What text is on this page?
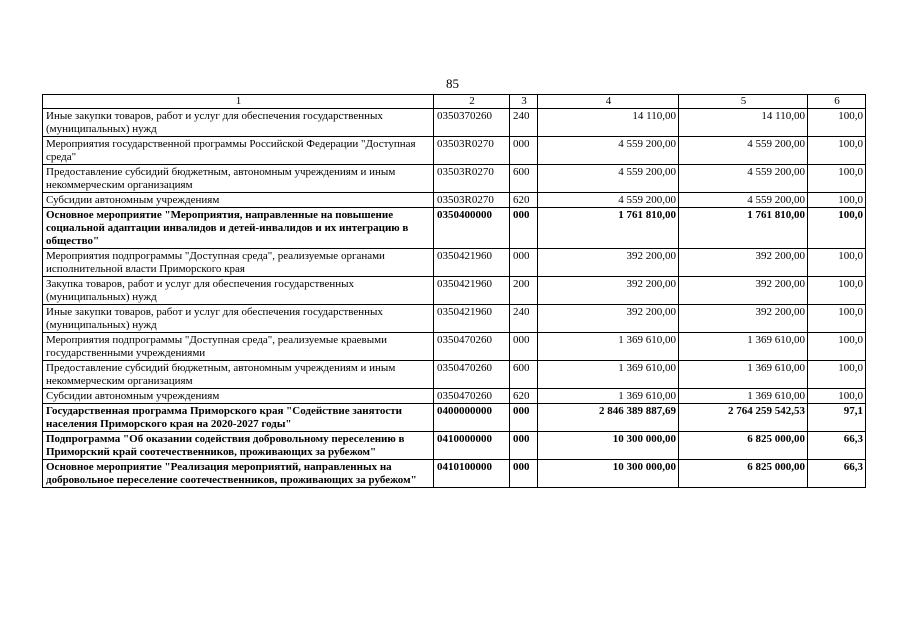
85
1	2	3	4	5	6
Иные закупки товаров, работ и услуг для обеспечения государственных (муниципальных) нужд	0350370260	240	14 110,00	14 110,00	100,0
Мероприятия государственной программы Российской Федерации "Доступная среда"	03503R0270	000	4 559 200,00	4 559 200,00	100,0
Предоставление субсидий бюджетным, автономным учреждениям и иным некоммерческим организациям	03503R0270	600	4 559 200,00	4 559 200,00	100,0
Субсидии автономным учреждениям	03503R0270	620	4 559 200,00	4 559 200,00	100,0
Основное мероприятие "Мероприятия, направленные на повышение социальной адаптации инвалидов и детей-инвалидов и их интеграцию в общество"	0350400000	000	1 761 810,00	1 761 810,00	100,0
Мероприятия подпрограммы "Доступная среда", реализуемые органами исполнительной власти Приморского края	0350421960	000	392 200,00	392 200,00	100,0
Закупка товаров, работ и услуг для обеспечения государственных (муниципальных) нужд	0350421960	200	392 200,00	392 200,00	100,0
Иные закупки товаров, работ и услуг для обеспечения государственных (муниципальных) нужд	0350421960	240	392 200,00	392 200,00	100,0
Мероприятия подпрограммы "Доступная среда", реализуемые краевыми государственными учреждениями	0350470260	000	1 369 610,00	1 369 610,00	100,0
Предоставление субсидий бюджетным, автономным учреждениям и иным некоммерческим организациям	0350470260	600	1 369 610,00	1 369 610,00	100,0
Субсидии автономным учреждениям	0350470260	620	1 369 610,00	1 369 610,00	100,0
Государственная программа Приморского края "Содействие занятости населения Приморского края на 2020-2027 годы"	0400000000	000	2 846 389 887,69	2 764 259 542,53	97,1
Подпрограмма "Об оказании содействия добровольному переселению в Приморский край соотечественников, проживающих за рубежом"	0410000000	000	10 300 000,00	6 825 000,00	66,3
Основное мероприятие "Реализация мероприятий, направленных на добровольное переселение соотечественников, проживающих за рубежом"	0410100000	000	10 300 000,00	6 825 000,00	66,3
